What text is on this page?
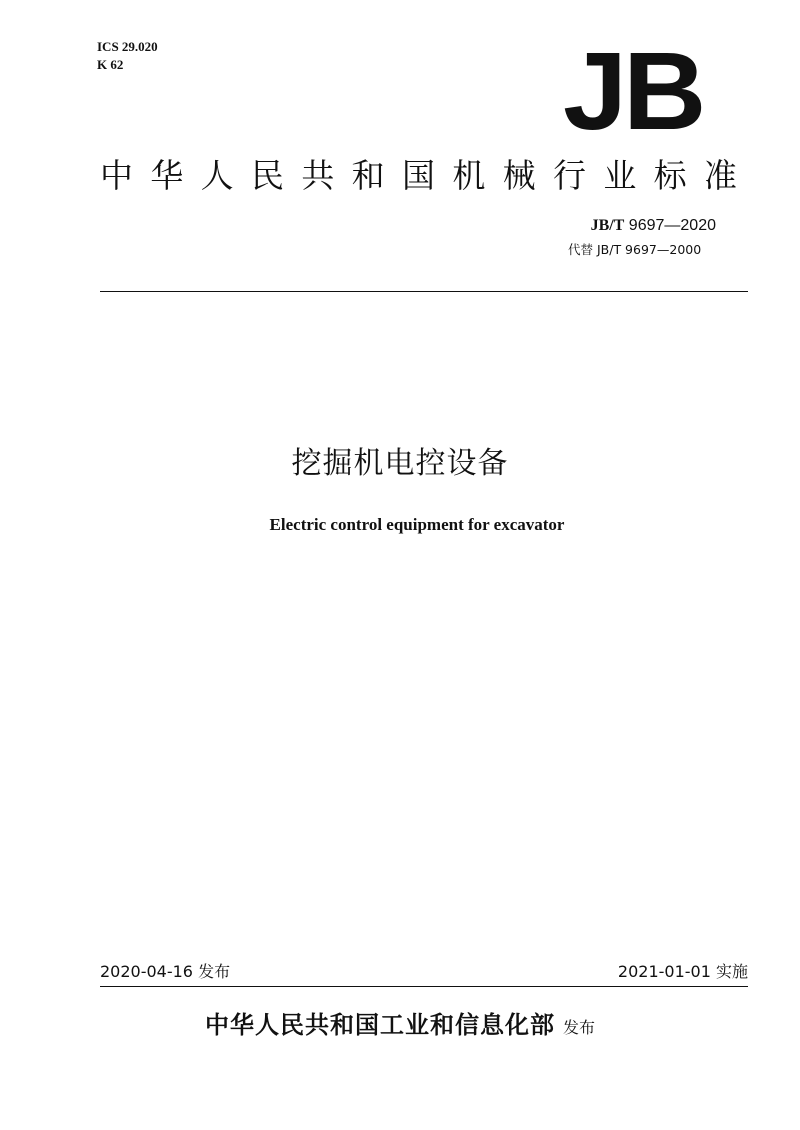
ICS 29.020
K 62	JB
中华人民共和国机械行业标准
JB/T 9697—2020
代替 JB/T 9697—2000
挖掘机电控设备
Electric control equipment for excavator
2020-04-16 发布	2021-01-01 实施
中华人民共和国工业和信息化部 发布
